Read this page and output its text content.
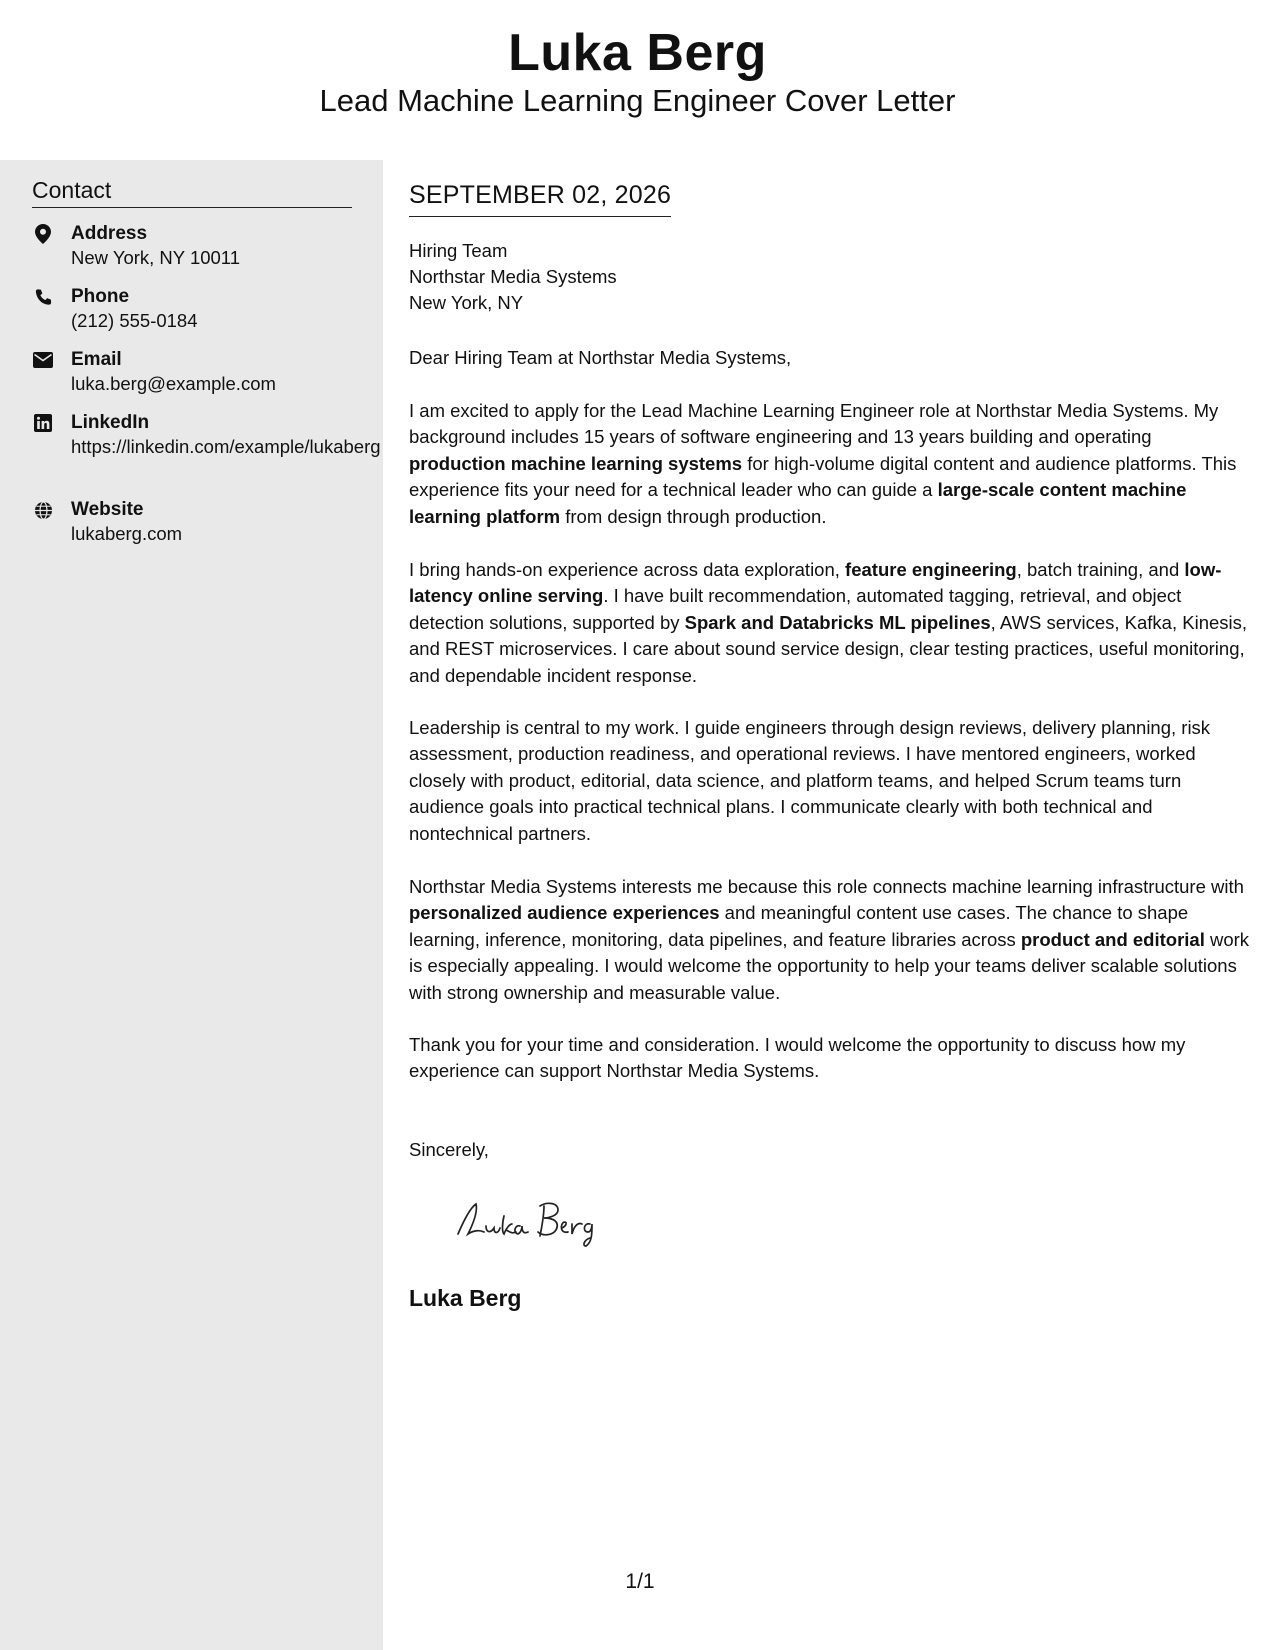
Luka Berg
Lead Machine Learning Engineer Cover Letter
Contact
Address
New York, NY 10011
Phone
(212) 555-0184
Email
luka.berg@example.com
LinkedIn
https://linkedin.com/example/lukaberg
Website
lukaberg.com
SEPTEMBER 02, 2026
Hiring Team
Northstar Media Systems
New York, NY
Dear Hiring Team at Northstar Media Systems,

I am excited to apply for the Lead Machine Learning Engineer role at Northstar Media Systems. My background includes 15 years of software engineering and 13 years building and operating production machine learning systems for high-volume digital content and audience platforms. This experience fits your need for a technical leader who can guide a large-scale content machine learning platform from design through production.

I bring hands-on experience across data exploration, feature engineering, batch training, and low-latency online serving. I have built recommendation, automated tagging, retrieval, and object detection solutions, supported by Spark and Databricks ML pipelines, AWS services, Kafka, Kinesis, and REST microservices. I care about sound service design, clear testing practices, useful monitoring, and dependable incident response.

Leadership is central to my work. I guide engineers through design reviews, delivery planning, risk assessment, production readiness, and operational reviews. I have mentored engineers, worked closely with product, editorial, data science, and platform teams, and helped Scrum teams turn audience goals into practical technical plans. I communicate clearly with both technical and nontechnical partners.

Northstar Media Systems interests me because this role connects machine learning infrastructure with personalized audience experiences and meaningful content use cases. The chance to shape learning, inference, monitoring, data pipelines, and feature libraries across product and editorial work is especially appealing. I would welcome the opportunity to help your teams deliver scalable solutions with strong ownership and measurable value.

Thank you for your time and consideration. I would welcome the opportunity to discuss how my experience can support Northstar Media Systems.

Sincerely,
Luka Berg
1/1
